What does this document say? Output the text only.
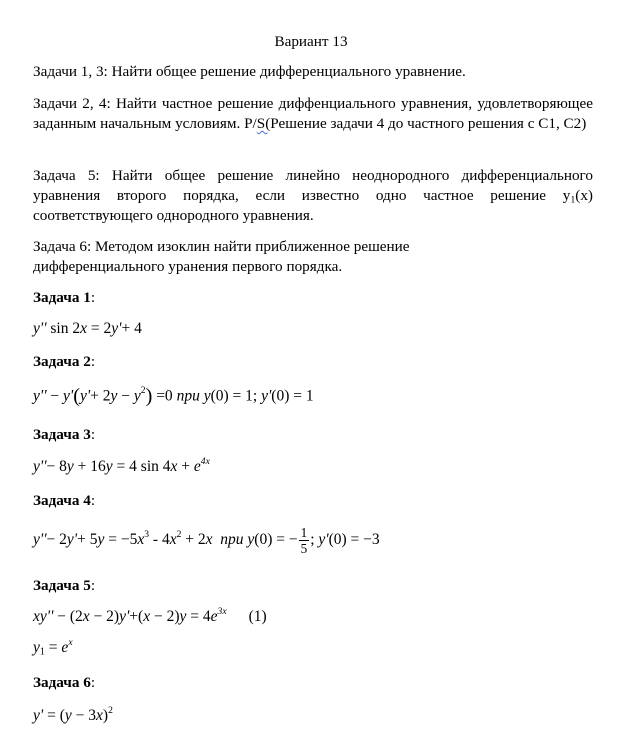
Вариант 13
Задачи 1, 3: Найти общее решение дифференциального уравнение.
Задачи 2, 4: Найти частное решение диффенциального уравнения, удовлетворяющее заданным начальным условиям. P/S(Решение задачи 4 до частного решения с С1, С2)
Задача 5: Найти общее решение линейно неоднородного дифференциального уравнения второго порядка, если известно одно частное решение $y_1(x)$ соответствующего однородного уравнения.
Задача 6: Методом изоклин найти приближенное решение
дифференциального уранения первого порядка.
Задача 1:
y'' sin 2x = 2y'+ 4
Задача 2:
$y'' - y'(y'+ 2y - y^2) =0$ при y(0) = 1; y'(0) = 1
Задача 3:
y''− 8y + 16y = 4 $\sin 4x + e^{4x}$
Задача 4:
$y''- 2y'+ 5y = -5x^3 - 4x^2 + 2x$ при y(0) = − $\frac{1}{5}$ ; y'(0) = −3
Задача 5:
$xy'' - (2x - 2)y'+(x - 2)y = 4e^{3x}$ (1)
$y_1 = e^x$
Задача 6:
$y' = (y - 3x)^2$
